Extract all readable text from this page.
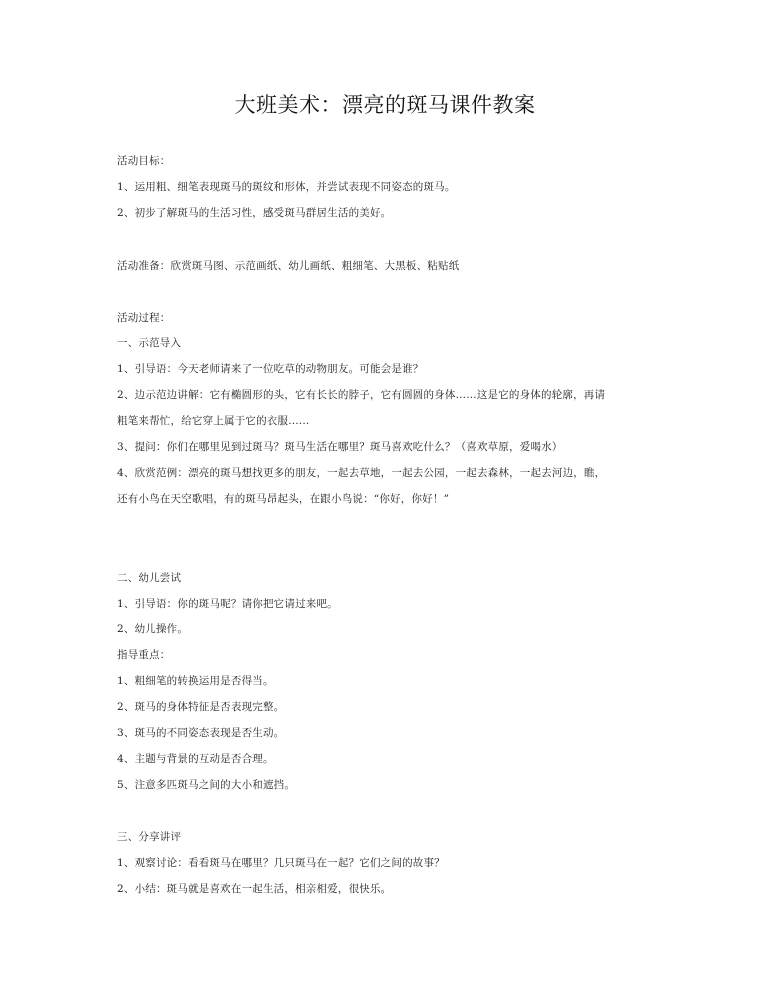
大班美术：漂亮的斑马课件教案
活动目标：
1、运用粗、细笔表现斑马的斑纹和形体，并尝试表现不同姿态的斑马。
2、初步了解斑马的生活习性，感受斑马群居生活的美好。
活动准备：欣赏斑马图、示范画纸、幼儿画纸、粗细笔、大黑板、粘贴纸
活动过程：
一、示范导入
1、引导语：今天老师请来了一位吃草的动物朋友。可能会是谁？
2、边示范边讲解：它有椭圆形的头，它有长长的脖子，它有圆圆的身体......这是它的身体的轮廓，再请
粗笔来帮忙，给它穿上属于它的衣服......
3、提问：你们在哪里见到过斑马？斑马生活在哪里？斑马喜欢吃什么？（喜欢草原，爱喝水）
4、欣赏范例：漂亮的斑马想找更多的朋友，一起去草地，一起去公园，一起去森林，一起去河边，瞧，
还有小鸟在天空歌唱，有的斑马昂起头，在跟小鸟说：“你好，你好！”
二、幼儿尝试
1、引导语：你的斑马呢？请你把它请过来吧。
2、幼儿操作。
指导重点：
1、粗细笔的转换运用是否得当。
2、斑马的身体特征是否表现完整。
3、斑马的不同姿态表现是否生动。
4、主题与背景的互动是否合理。
5、注意多匹斑马之间的大小和遮挡。
三、分享讲评
1、观察讨论：看看斑马在哪里？几只斑马在一起？它们之间的故事？
2、小结：斑马就是喜欢在一起生活，相亲相爱，很快乐。
